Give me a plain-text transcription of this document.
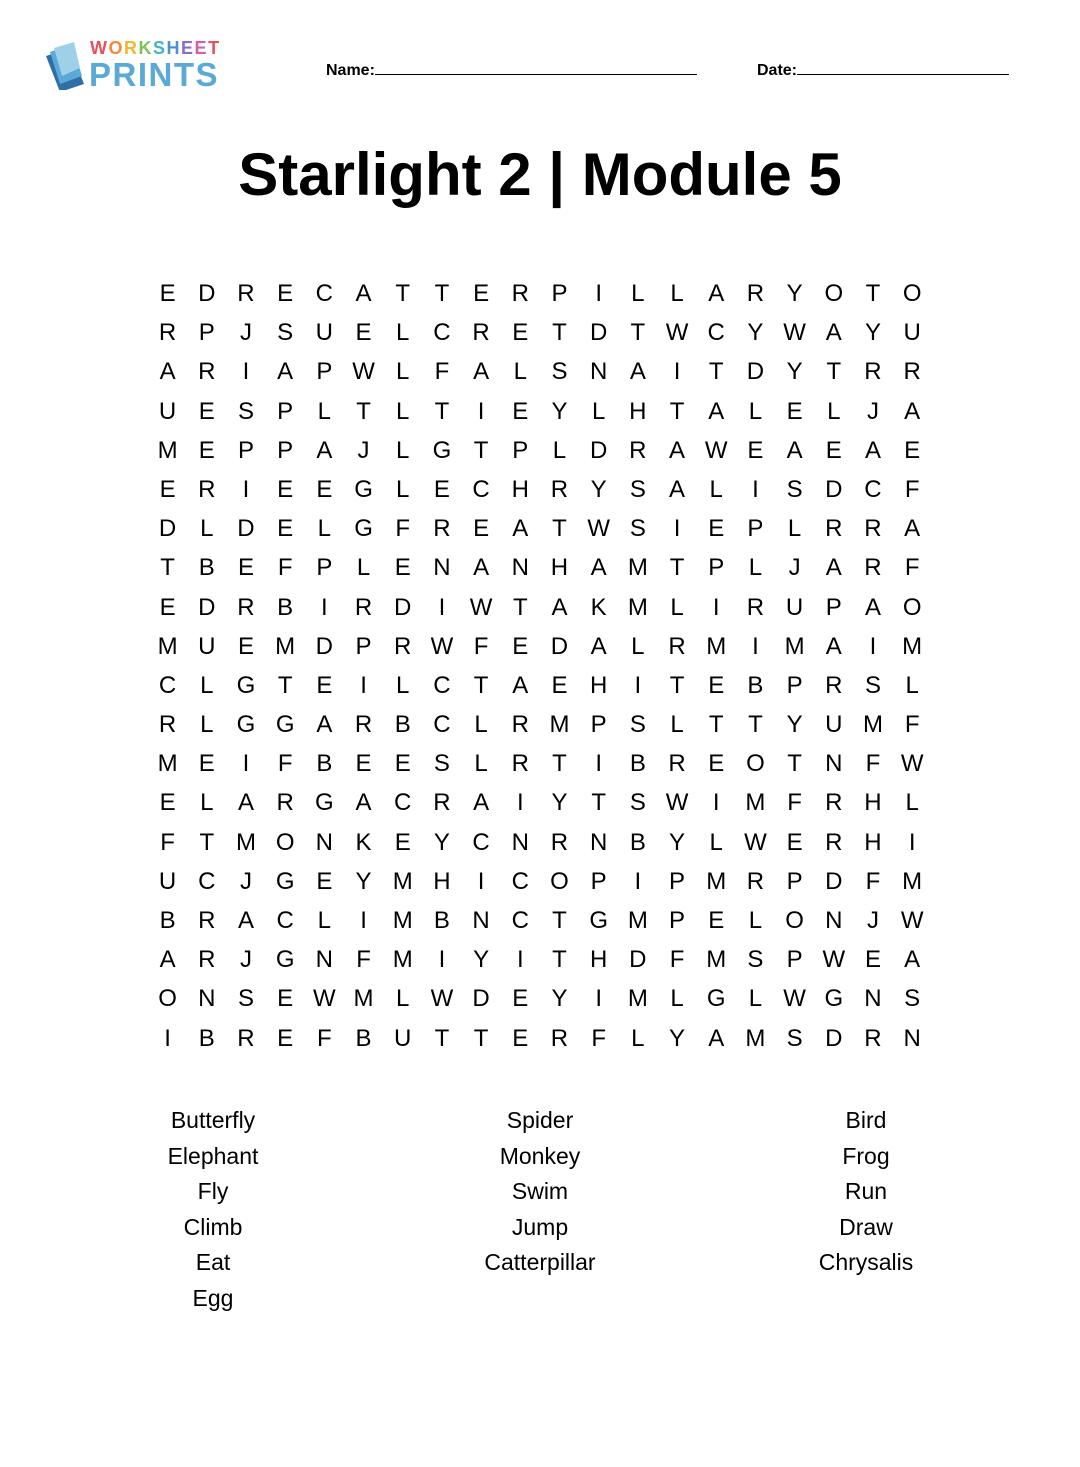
WORKSHEET
PRINTS	Name:	Date:
Starlight 2 | Module 5
E D R E C A T	T E R P	I	L	L	A R Y O T O
R P	J	S U E	L C R E T D T W C Y W A Y U
A R	I	A P W L	F A	L	S N A	I	T D Y T R R
U E S P	L	T	L	T	I	E Y	L H T A	L	E	L	J	A
M E P P A	J	L G T P	L D R A W E A E A E
E R	I	E E G L	E C H R Y S A	L	I	S D C F
D L D E	L G F R E A T W S	I	E P	L R R A
T B E F P	L	E N A N H A M T P	L	J	A R F
E D R B	I	R D	I	W T A K M L	I	R U P A O
M U E M D P R W F E D A	L R M	I	M A	I	M
C L G T E	I	L C T A E H	I	T E B P R S	L
R L G G A R B C L R M P S	L	T	T Y U M F
M E	I	F B E E S	L R T	I	B R E O T N F W
E	L	A R G A C R A	I	Y T S W	I	M F R H L
F	T M O N K E Y C N R N B Y	L W E R H	I
U C	J G E Y M H	I	C O P	I	P M R P D F M
B R A C L	I	M B N C T G M P E	L O N	J W
A R	J G N F M	I	Y	I	T H D F M S P W E A
O N S E W M L W D E Y	I	M L G L W G N S
I	B R E F B U T	T E R F	L	Y A M S D R N
Butterfly
Elephant
Fly
Climb
Eat
Egg
Spider
Monkey
Swim
Jump
Catterpillar
Bird
Frog
Run
Draw
Chrysalis
